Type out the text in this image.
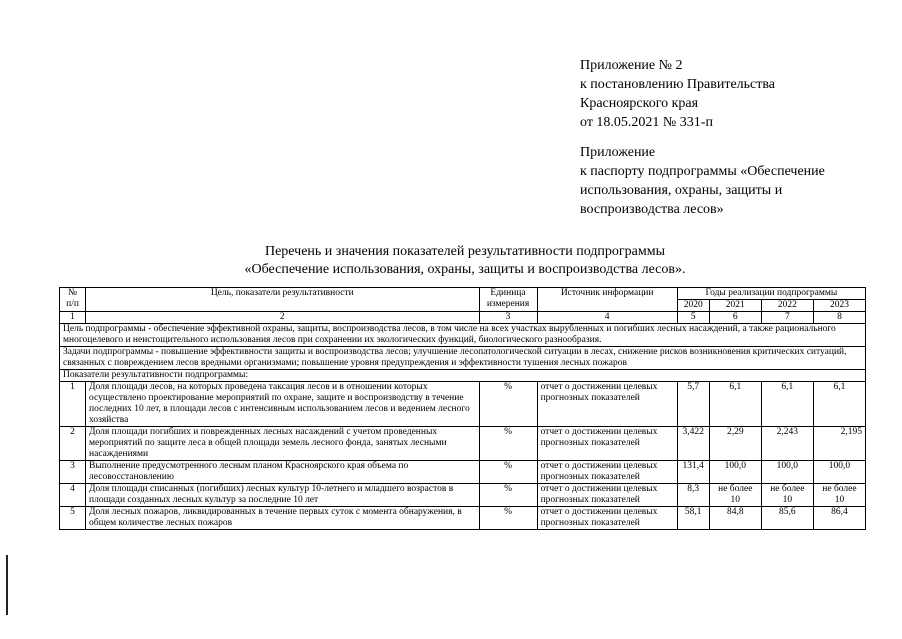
Приложение № 2
к постановлению Правительства
Красноярского края
от 18.05.2021 № 331-п
Приложение
к паспорту подпрограммы «Обеспечение
использования, охраны, защиты и
воспроизводства лесов»
Перечень и значения показателей результативности подпрограммы
«Обеспечение использования, охраны, защиты и воспроизводства лесов».
№ п/п	Цель, показатели результативности	Единица измерения	Источник информации	Годы реализации подпрограммы			
				2020	2021	2022	2023
1	2	3	4	5	6	7	8
Цель подпрограммы - обеспечение эффективной охраны, защиты, воспроизводства лесов, в том числе на всех участках вырубленных и погибших лесных насаждений, а также рационального многоцелевого и неистощительного использования лесов при сохранении их экологических функций, биологического разнообразия.							
Задачи подпрограммы - повышение эффективности защиты и воспроизводства лесов; улучшение лесопатологической ситуации в лесах, снижение рисков возникновения критических ситуаций, связанных с повреждением лесов вредными организмами; повышение уровня предупреждения и эффективности тушения лесных пожаров							
Показатели результативности подпрограммы:							
1	Доля площади лесов, на которых проведена таксация лесов и в отношении которых осуществлено проектирование мероприятий по охране, защите и воспроизводству в течение последних 10 лет, в площади лесов с интенсивным использованием лесов и ведением лесного хозяйства	%	отчет о достижении целевых прогнозных показателей	5,7	6,1	6,1	6,1
2	Доля площади погибших и поврежденных лесных насаждений с учетом проведенных мероприятий по защите леса в общей площади земель лесного фонда, занятых лесными насаждениями	%	отчет о достижении целевых прогнозных показателей	3,422	2,29	2,243	2,195
3	Выполнение предусмотренного лесным планом Красноярского края объема по лесовосстановлению	%	отчет о достижении целевых прогнозных показателей	131,4	100,0	100,0	100,0
4	Доля площади списанных (погибших) лесных культур 10-летнего и младшего возрастов в площади созданных лесных культур за последние 10 лет	%	отчет о достижении целевых прогнозных показателей	8,3	не более 10	не более 10	не более 10
5	Доля лесных пожаров, ликвидированных в течение первых суток с момента обнаружения, в общем количестве лесных пожаров	%	отчет о достижении целевых прогнозных показателей	58,1	84,8	85,6	86,4
